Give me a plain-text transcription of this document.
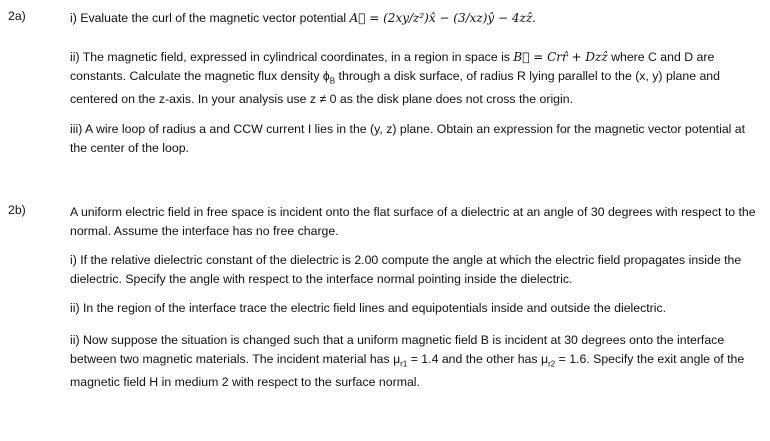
2a)	i) Evaluate the curl of the magnetic vector potential A⃗ = (2xy/z²)x̂ − (3/xz)ŷ − 4zẑ.

ii) The magnetic field, expressed in cylindrical coordinates, in a region in space is B⃗ = Crr̂ + Dzẑ where C and D are constants. Calculate the magnetic flux density $\phi_B$ through a disk surface, of radius R lying parallel to the (x, y) plane and centered on the z-axis. In your analysis use z ≠ 0 as the disk plane does not cross the origin.

iii) A wire loop of radius a and CCW current I lies in the (y, z) plane. Obtain an expression for the magnetic vector potential at the center of the loop.

2b)	A uniform electric field in free space is incident onto the flat surface of a dielectric at an angle of 30 degrees with respect to the normal. Assume the interface has no free charge.

i) If the relative dielectric constant of the dielectric is 2.00 compute the angle at which the electric field propagates inside the dielectric. Specify the angle with respect to the interface normal pointing inside the dielectric.

ii) In the region of the interface trace the electric field lines and equipotentials inside and outside the dielectric.

ii) Now suppose the situation is changed such that a uniform magnetic field B is incident at 30 degrees onto the interface between two magnetic materials. The incident material has $\mu_{r1} = 1.4$ and the other has $\mu_{r2} = 1.6$. Specify the exit angle of the magnetic field H in medium 2 with respect to the surface normal.
